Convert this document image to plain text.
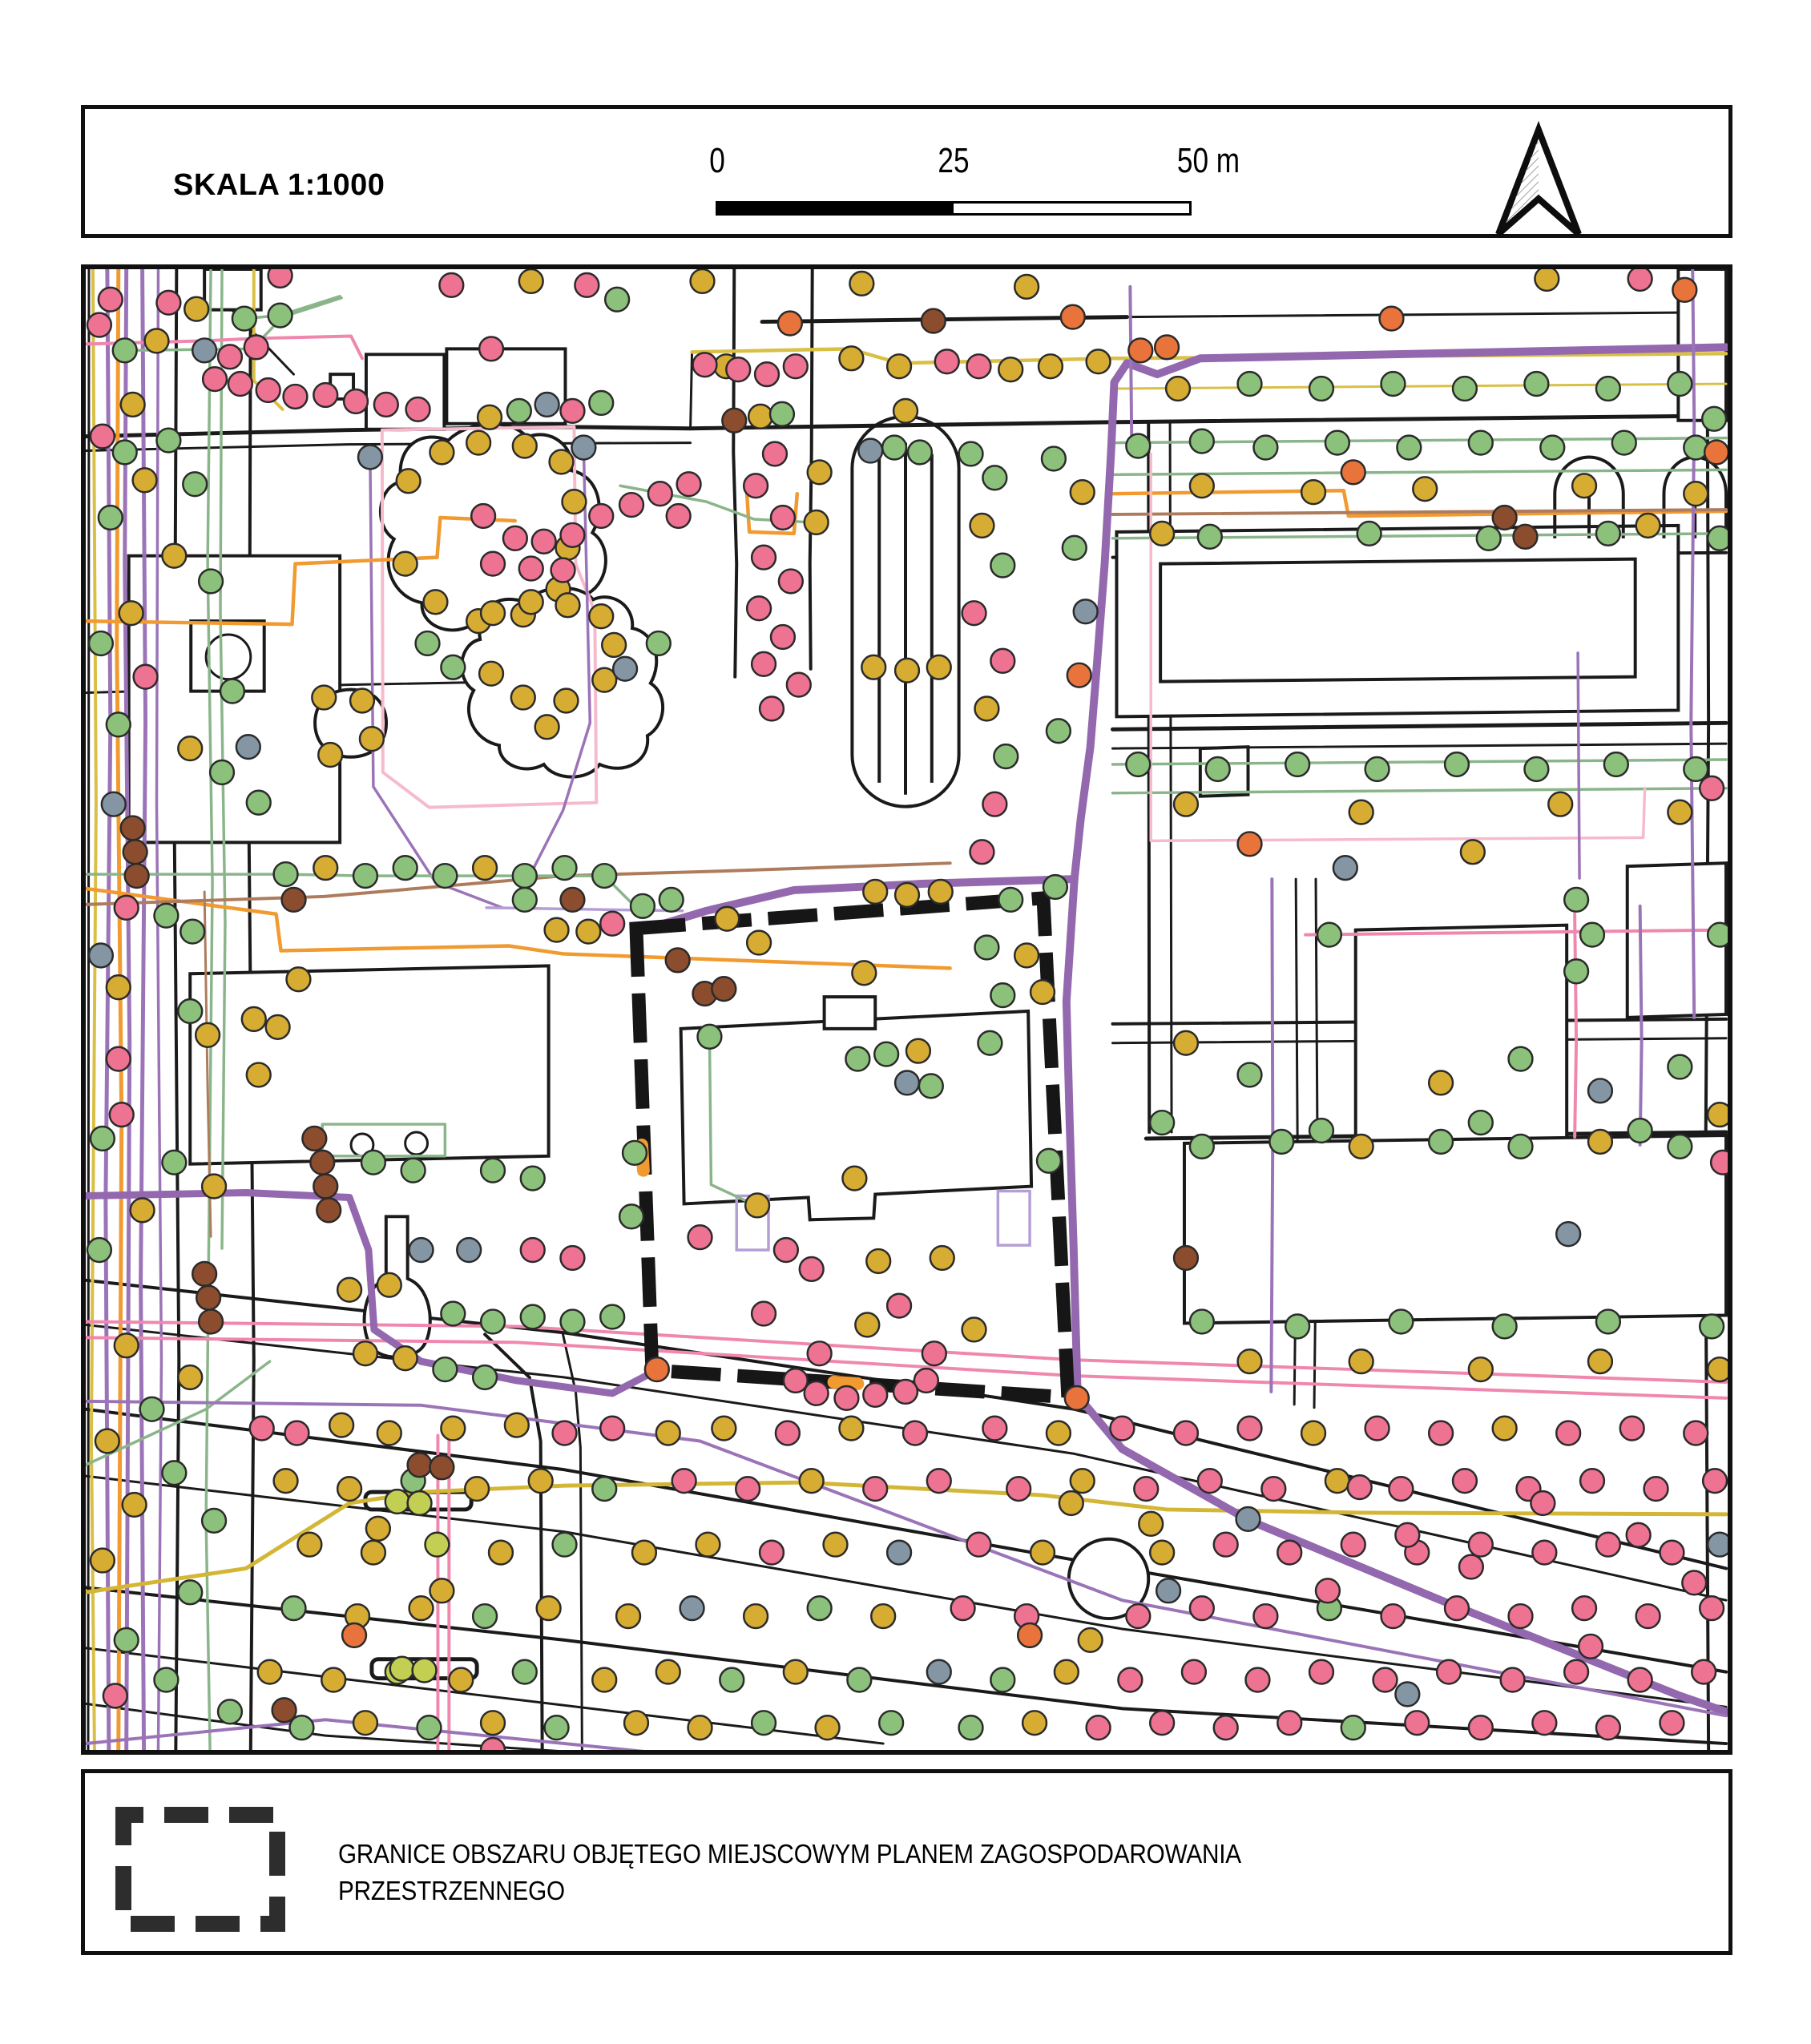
SKALA 1:1000
0	25	50 m
GRANICE OBSZARU OBJĘTEGO MIEJSCOWYM PLANEM ZAGOSPODAROWANIA
PRZESTRZENNEGO
